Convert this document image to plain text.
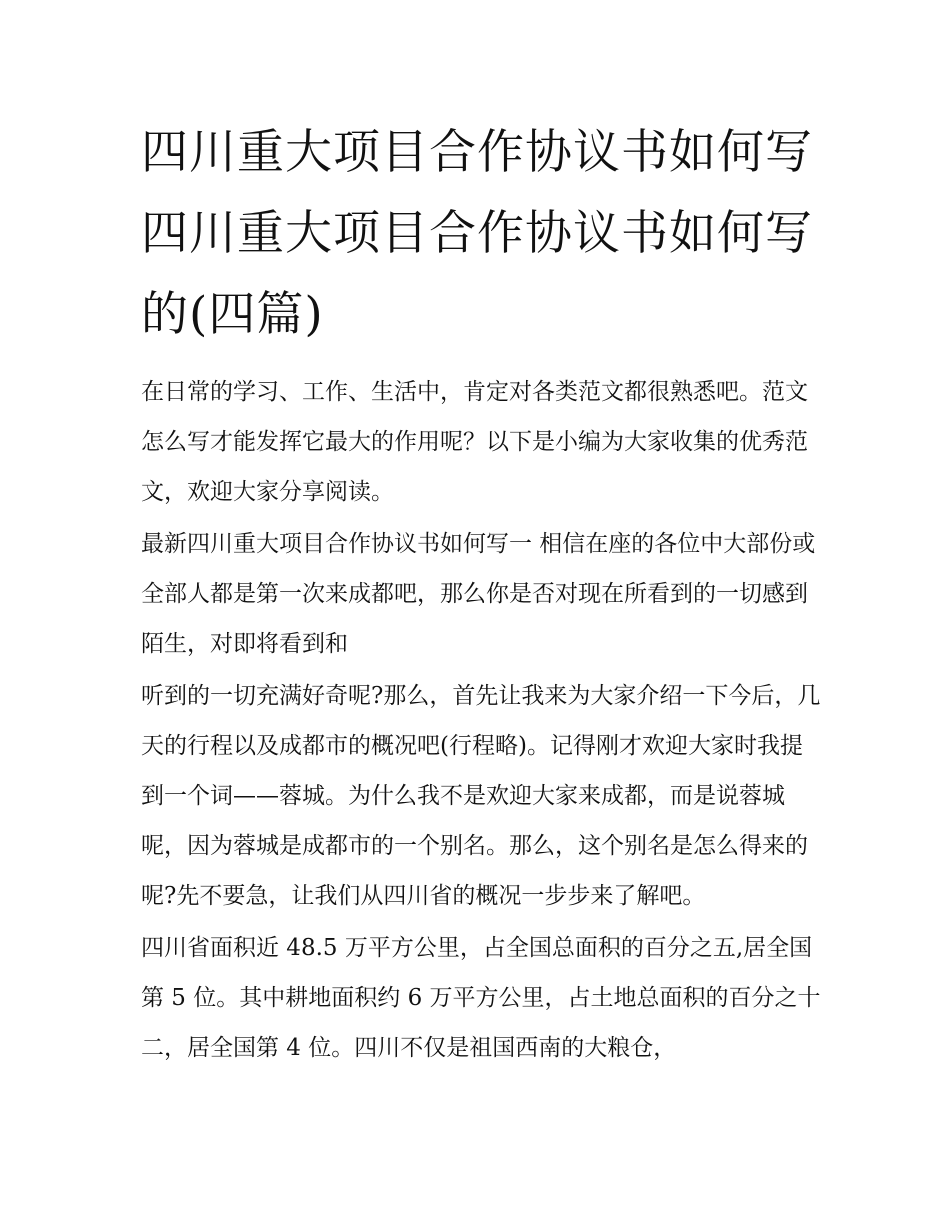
四川重大项目合作协议书如何写 四川重大项目合作协议书如何写的(四篇)

在日常的学习、工作、生活中，肯定对各类范文都很熟悉吧。范文怎么写才能发挥它最大的作用呢？以下是小编为大家收集的优秀范文，欢迎大家分享阅读。

最新四川重大项目合作协议书如何写一 相信在座的各位中大部份或全部人都是第一次来成都吧，那么你是否对现在所看到的一切感到陌生，对即将看到和

听到的一切充满好奇呢?那么，首先让我来为大家介绍一下今后，几天的行程以及成都市的概况吧(行程略)。记得刚才欢迎大家时我提到一个词——蓉城。为什么我不是欢迎大家来成都，而是说蓉城呢，因为蓉城是成都市的一个别名。那么，这个别名是怎么得来的呢?先不要急，让我们从四川省的概况一步步来了解吧。

四川省面积近 48.5 万平方公里，占全国总面积的百分之五,居全国第 5 位。其中耕地面积约 6 万平方公里，占土地总面积的百分之十二，居全国第 4 位。四川不仅是祖国西南的大粮仓，
